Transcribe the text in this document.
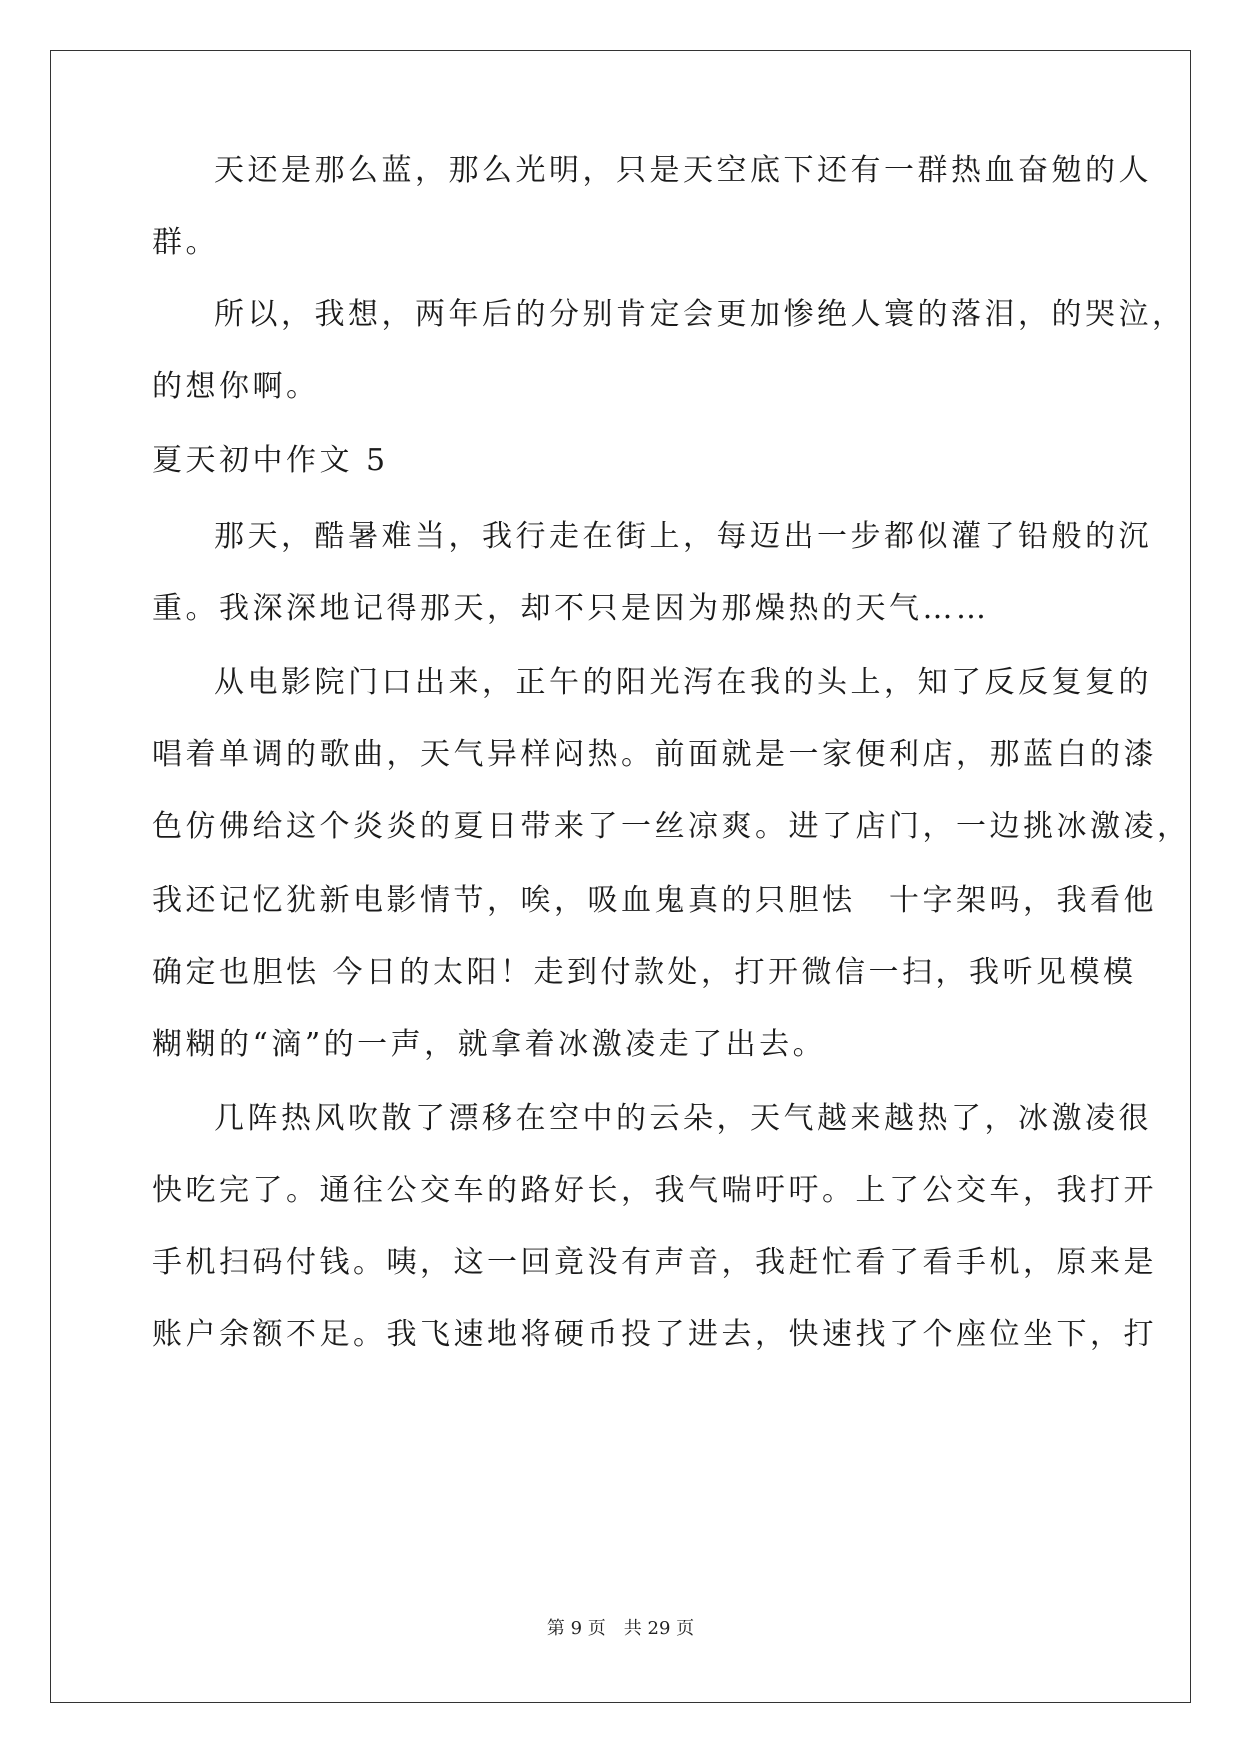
天还是那么蓝，那么光明，只是天空底下还有一群热血奋勉的人
群。
所以，我想，两年后的分别肯定会更加惨绝人寰的落泪，的哭泣，
的想你啊。
夏天初中作文 5
那天，酷暑难当，我行走在街上，每迈出一步都似灌了铅般的沉
重。我深深地记得那天，却不只是因为那燥热的天气……
从电影院门口出来，正午的阳光泻在我的头上，知了反反复复的
唱着单调的歌曲，天气异样闷热。前面就是一家便利店，那蓝白的漆
色仿佛给这个炎炎的夏日带来了一丝凉爽。进了店门，一边挑冰激凌，
我还记忆犹新电影情节，唉，吸血鬼真的只胆怯　十字架吗，我看他
确定也胆怯 今日的太阳！走到付款处，打开微信一扫，我听见模模
糊糊的“滴”的一声，就拿着冰激凌走了出去。
几阵热风吹散了漂移在空中的云朵，天气越来越热了，冰激凌很
快吃完了。通往公交车的路好长，我气喘吁吁。上了公交车，我打开
手机扫码付钱。咦，这一回竟没有声音，我赶忙看了看手机，原来是
账户余额不足。我飞速地将硬币投了进去，快速找了个座位坐下，打
第 9 页　共 29 页
